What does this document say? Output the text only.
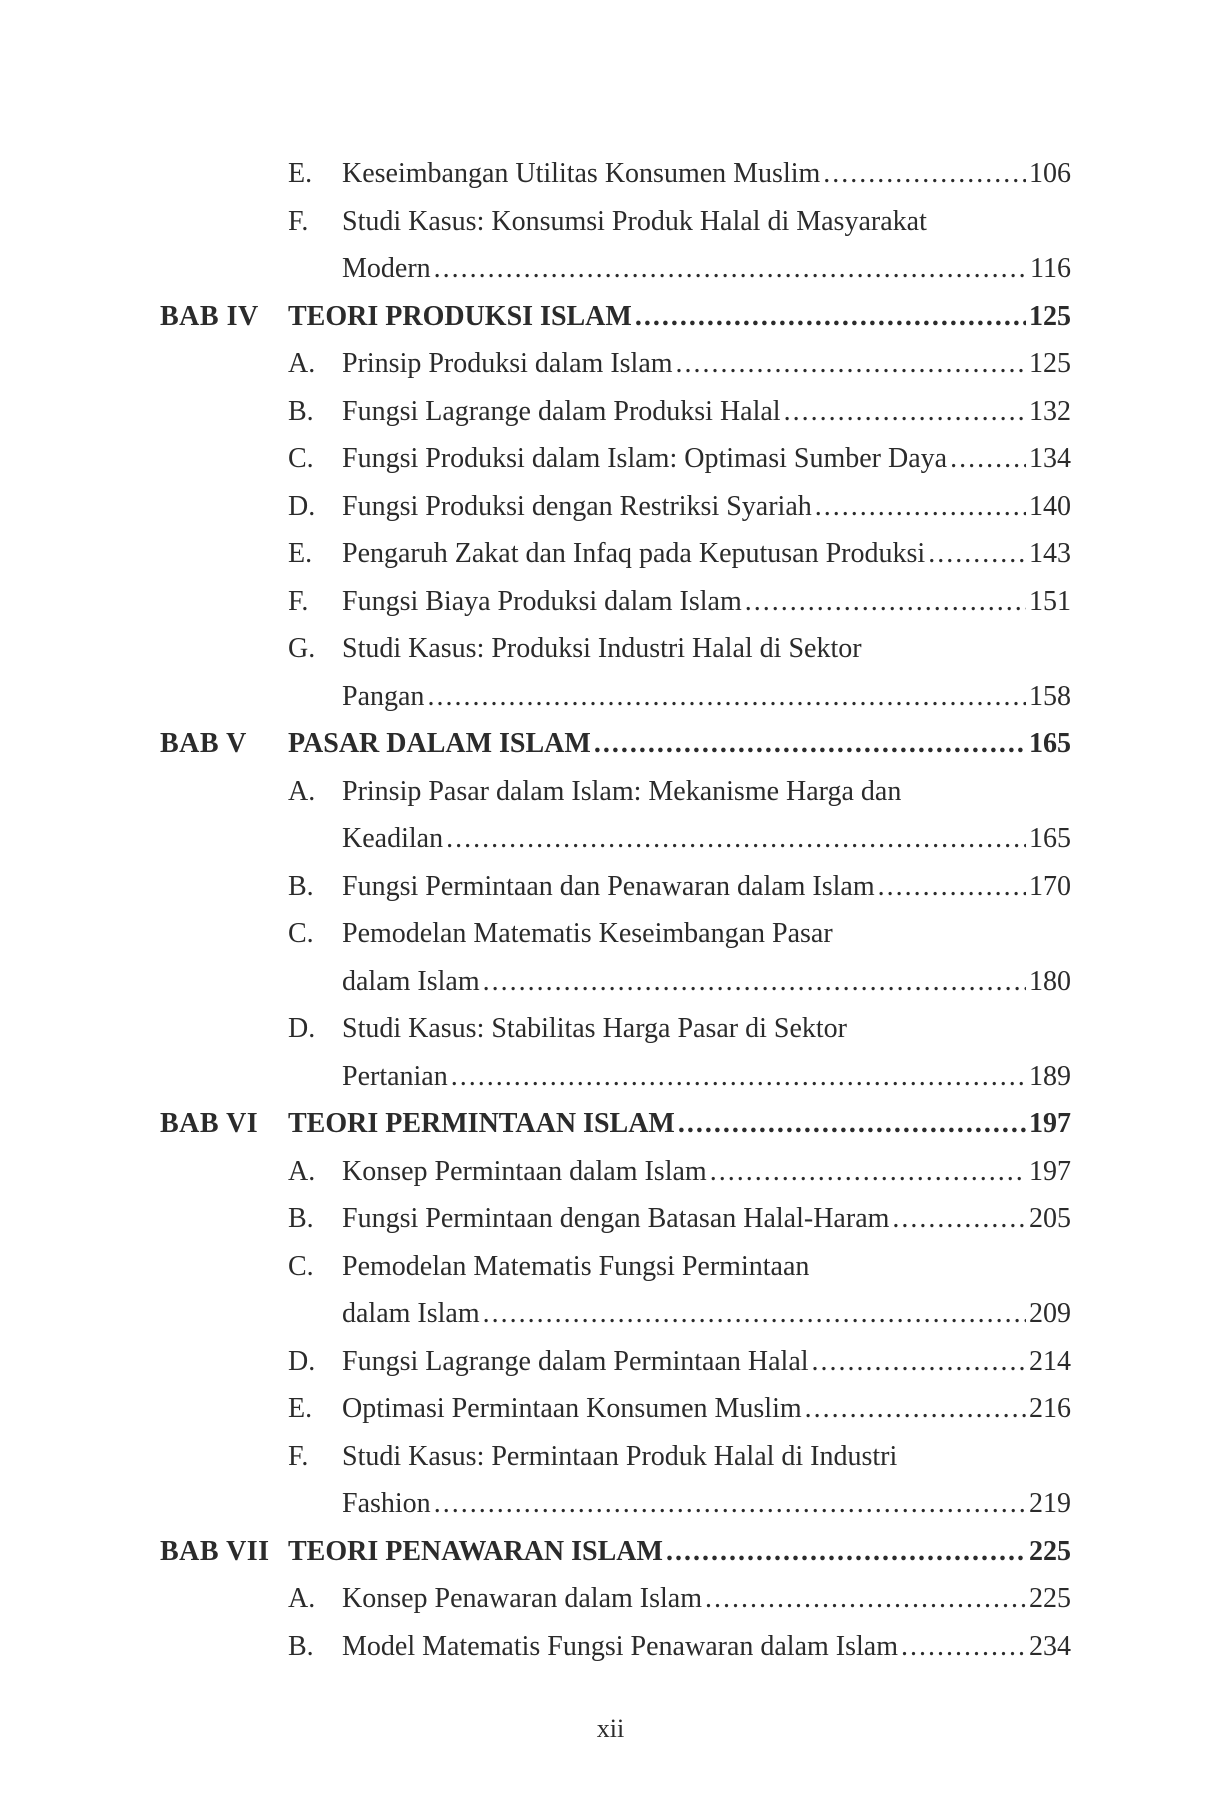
E. Keseimbangan Utilitas Konsumen Muslim .....	106
F. Studi Kasus: Konsumsi Produk Halal di Masyarakat
Modern .....	116
BAB IV TEORI PRODUKSI ISLAM .....	125
A. Prinsip Produksi dalam Islam .....	125
B. Fungsi Lagrange dalam Produksi Halal .....	132
C. Fungsi Produksi dalam Islam: Optimasi Sumber Daya .....	134
D. Fungsi Produksi dengan Restriksi Syariah .....	140
E. Pengaruh Zakat dan Infaq pada Keputusan Produksi .....	143
F. Fungsi Biaya Produksi dalam Islam .....	151
G. Studi Kasus: Produksi Industri Halal di Sektor
Pangan .....	158
BAB V PASAR DALAM ISLAM .....	165
A. Prinsip Pasar dalam Islam: Mekanisme Harga dan
Keadilan .....	165
B. Fungsi Permintaan dan Penawaran dalam Islam .....	170
C. Pemodelan Matematis Keseimbangan Pasar
dalam Islam .....	180
D. Studi Kasus: Stabilitas Harga Pasar di Sektor
Pertanian .....	189
BAB VI TEORI PERMINTAAN ISLAM .....	197
A. Konsep Permintaan dalam Islam .....	197
B. Fungsi Permintaan dengan Batasan Halal-Haram .....	205
C. Pemodelan Matematis Fungsi Permintaan
dalam Islam .....	209
D. Fungsi Lagrange dalam Permintaan Halal .....	214
E. Optimasi Permintaan Konsumen Muslim .....	216
F. Studi Kasus: Permintaan Produk Halal di Industri
Fashion .....	219
BAB VII TEORI PENAWARAN ISLAM .....	225
A. Konsep Penawaran dalam Islam .....	225
B. Model Matematis Fungsi Penawaran dalam Islam .....	234
xii
